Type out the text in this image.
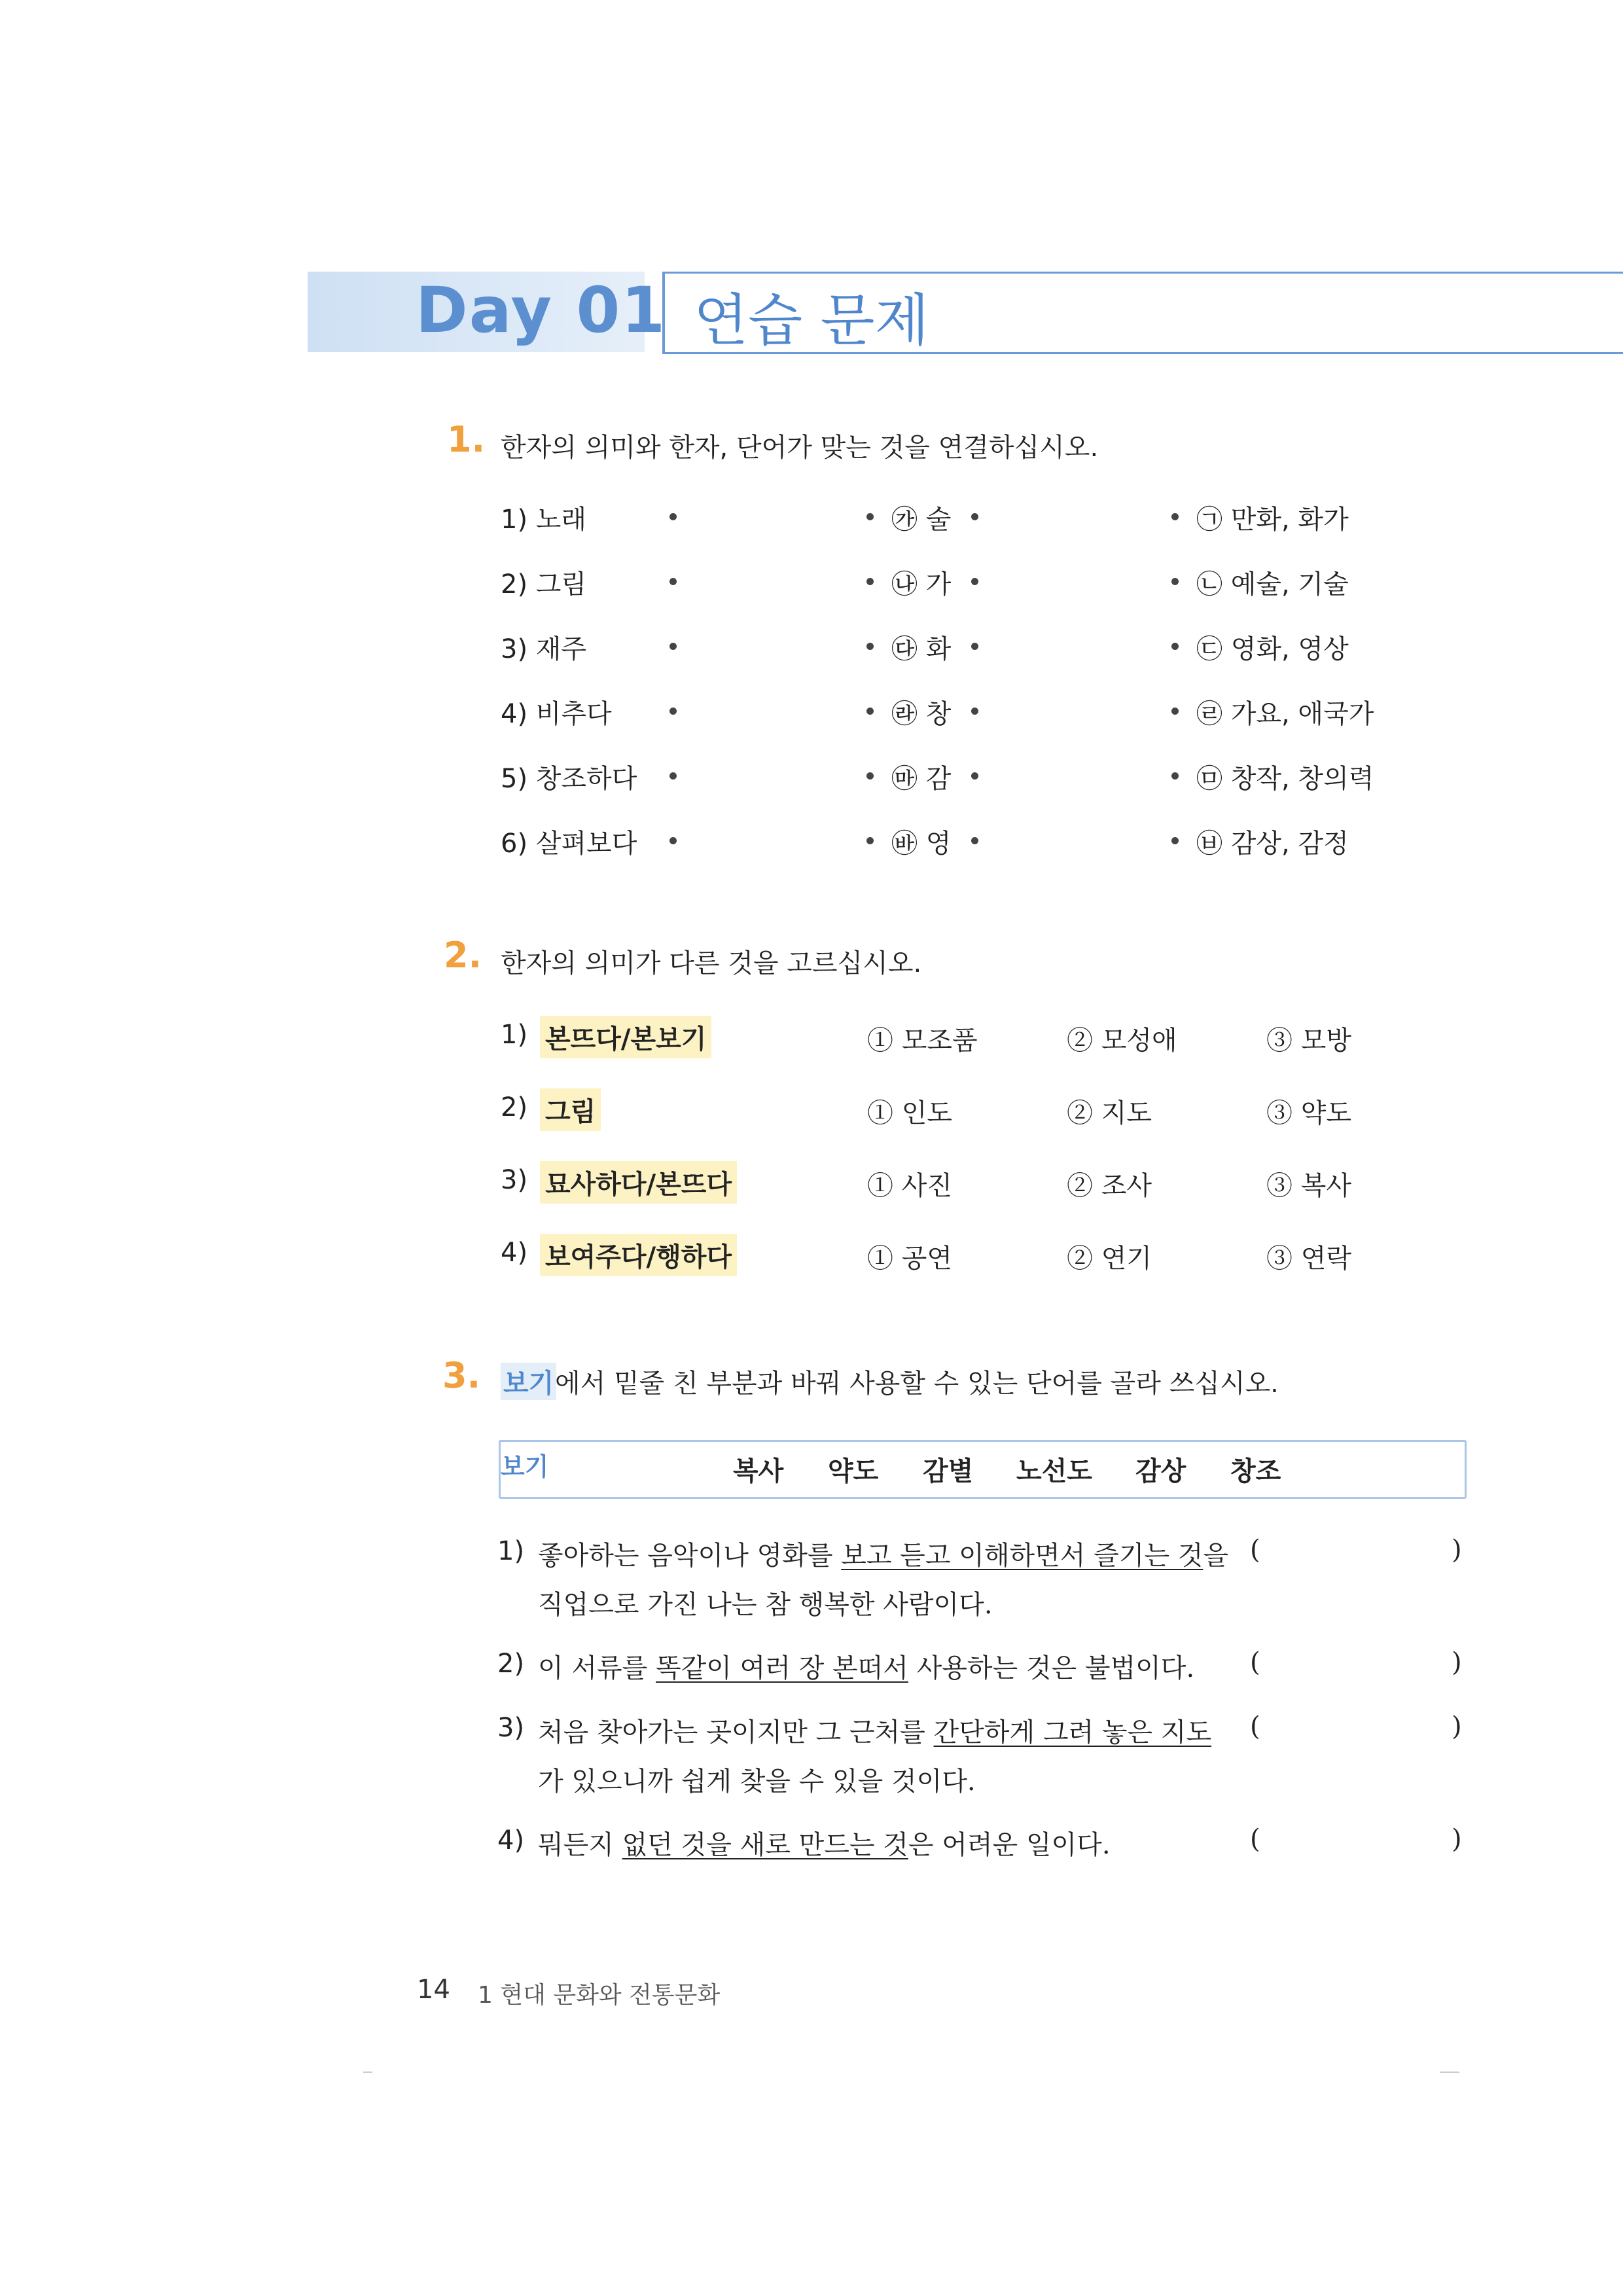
Day 01 연습 문제
1. 한자의 의미와 한자, 단어가 맞는 것을 연결하십시오.
1) 노래	㉮ 술	㉠ 만화, 화가
2) 그림	㉯ 가	㉡ 예술, 기술
3) 재주	㉰ 화	㉢ 영화, 영상
4) 비추다	㉱ 창	㉣ 가요, 애국가
5) 창조하다	㉲ 감	㉤ 창작, 창의력
6) 살펴보다	㉳ 영	㉥ 감상, 감정
2. 한자의 의미가 다른 것을 고르십시오.
1) 본뜨다/본보기	① 모조품	② 모성애	③ 모방
2) 그림	① 인도	② 지도	③ 약도
3) 묘사하다/본뜨다	① 사진	② 조사	③ 복사
4) 보여주다/행하다	① 공연	② 연기	③ 연락
3. 보기 에서 밑줄 친 부분과 바꿔 사용할 수 있는 단어를 골라 쓰십시오.
보기	복사 약도 감별 노선도 감상 창조
1) 좋아하는 음악이나 영화를 보고 듣고 이해하면서 즐기는 것을
직업으로 가진 나는 참 행복한 사람이다.
(	)
2) 이 서류를 똑같이 여러 장 본떠서 사용하는 것은 불법이다. (	)
3) 처음 찾아가는 곳이지만 그 근처를 간단하게 그려 놓은 지도
가 있으니까 쉽게 찾을 수 있을 것이다.
(	)
4) 뭐든지 없던 것을 새로 만드는 것은 어려운 일이다.	(	)
14 1 현대 문화와 전통문화
